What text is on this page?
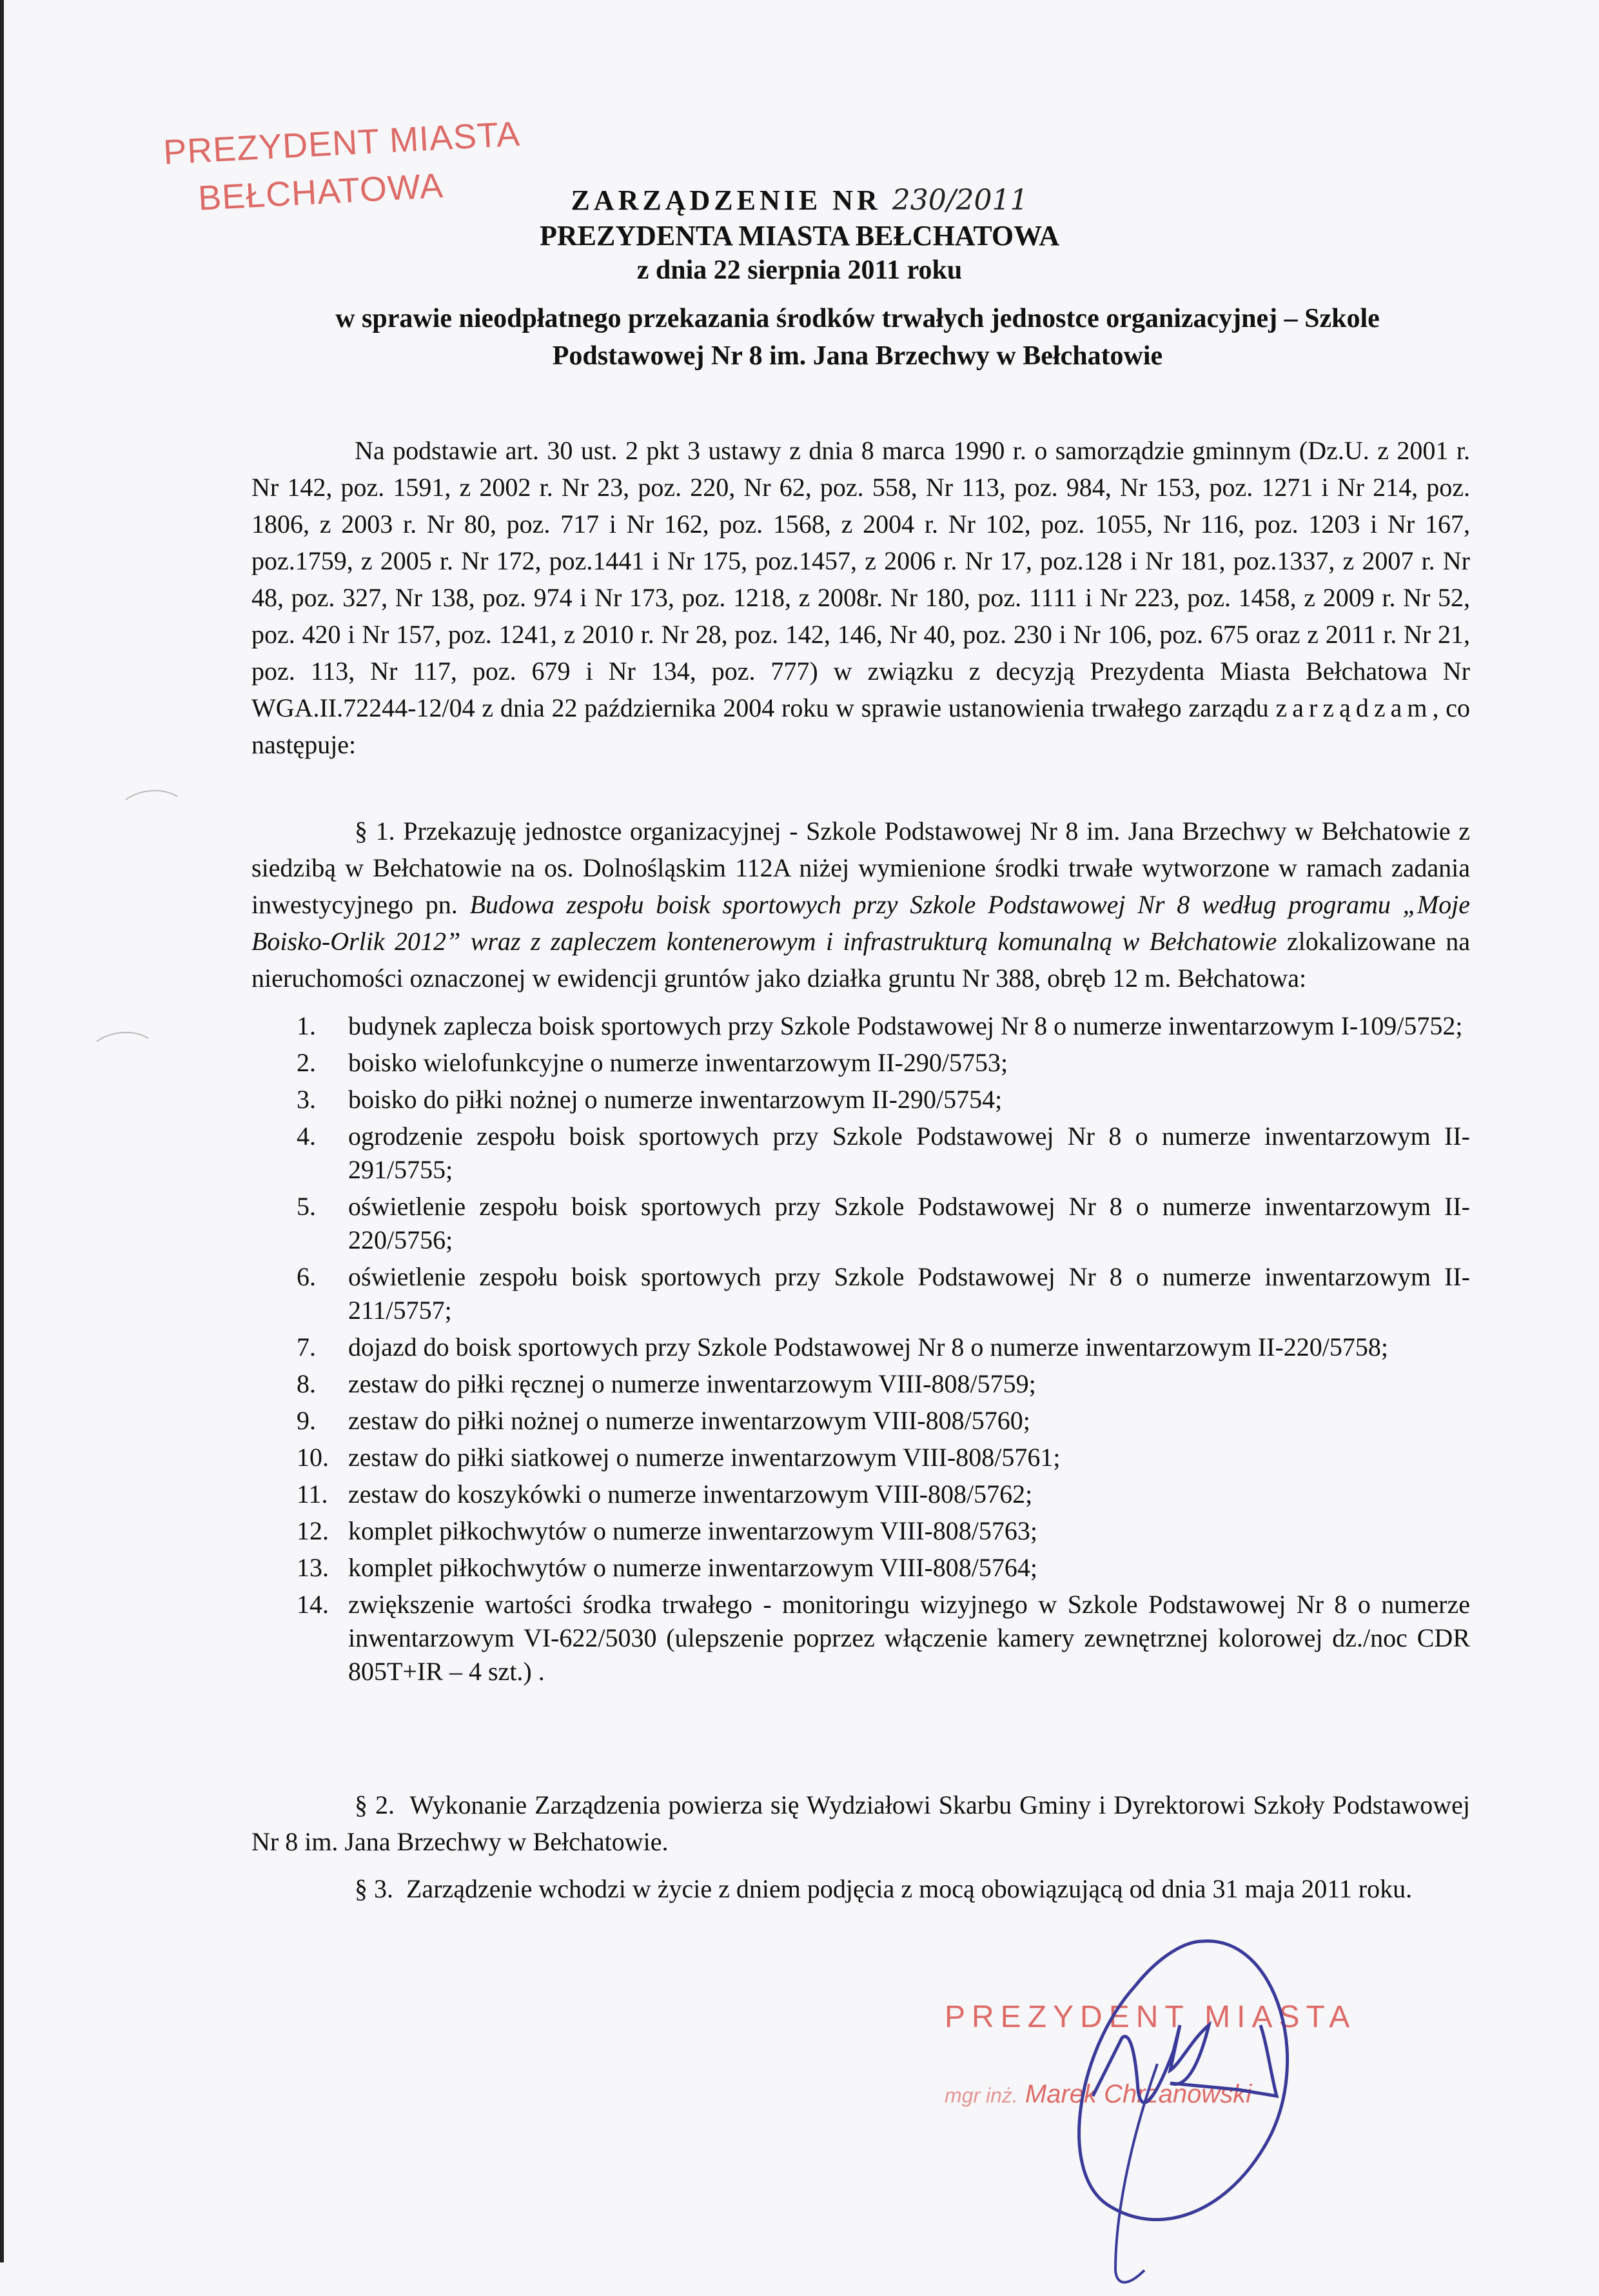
PREZYDENT MIASTA
BEŁCHATOWA	ZARZĄDZENIE NR 230/2011
PREZYDENTA MIASTA BEŁCHATOWA
z dnia 22 sierpnia 2011 roku
w sprawie nieodpłatnego przekazania środków trwałych jednostce organizacyjnej – Szkole Podstawowej Nr 8 im. Jana Brzechwy w Bełchatowie
Na podstawie art. 30 ust. 2 pkt 3 ustawy z dnia 8 marca 1990 r. o samorządzie gminnym (Dz.U. z 2001 r. Nr 142, poz. 1591, z 2002 r. Nr 23, poz. 220, Nr 62, poz. 558, Nr 113, poz. 984, Nr 153, poz. 1271 i Nr 214, poz. 1806, z 2003 r. Nr 80, poz. 717 i Nr 162, poz. 1568, z 2004 r. Nr 102, poz. 1055, Nr 116, poz. 1203 i Nr 167, poz.1759, z 2005 r. Nr 172, poz.1441 i Nr 175, poz.1457, z 2006 r. Nr 17, poz.128 i Nr 181, poz.1337, z 2007 r. Nr 48, poz. 327, Nr 138, poz. 974 i Nr 173, poz. 1218, z 2008r. Nr 180, poz. 1111 i Nr 223, poz. 1458, z 2009 r. Nr 52, poz. 420 i Nr 157, poz. 1241, z 2010 r. Nr 28, poz. 142, 146, Nr 40, poz. 230 i Nr 106, poz. 675 oraz z 2011 r. Nr 21, poz. 113, Nr 117, poz. 679 i Nr 134, poz. 777) w związku z decyzją Prezydenta Miasta Bełchatowa Nr WGA.II.72244-12/04 z dnia 22 października 2004 roku w sprawie ustanowienia trwałego zarządu zarządzam, co następuje:
§ 1. Przekazuję jednostce organizacyjnej - Szkole Podstawowej Nr 8 im. Jana Brzechwy w Bełchatowie z siedzibą w Bełchatowie na os. Dolnośląskim 112A niżej wymienione środki trwałe wytworzone w ramach zadania inwestycyjnego pn. Budowa zespołu boisk sportowych przy Szkole Podstawowej Nr 8 według programu „Moje Boisko-Orlik 2012” wraz z zapleczem kontenerowym i infrastrukturą komunalną w Bełchatowie zlokalizowane na nieruchomości oznaczonej w ewidencji gruntów jako działka gruntu Nr 388, obręb 12 m. Bełchatowa:
1.	budynek zaplecza boisk sportowych przy Szkole Podstawowej Nr 8 o numerze inwentarzowym I-109/5752;
2.	boisko wielofunkcyjne o numerze inwentarzowym II-290/5753;
3.	boisko do piłki nożnej o numerze inwentarzowym II-290/5754;
4.	ogrodzenie zespołu boisk sportowych przy Szkole Podstawowej Nr 8 o numerze inwentarzowym II-291/5755;
5.	oświetlenie zespołu boisk sportowych przy Szkole Podstawowej Nr 8 o numerze inwentarzowym II-220/5756;
6.	oświetlenie zespołu boisk sportowych przy Szkole Podstawowej Nr 8 o numerze inwentarzowym II-211/5757;
7.	dojazd do boisk sportowych przy Szkole Podstawowej Nr 8 o numerze inwentarzowym II-220/5758;
8.	zestaw do piłki ręcznej o numerze inwentarzowym VIII-808/5759;
9.	zestaw do piłki nożnej o numerze inwentarzowym VIII-808/5760;
10. zestaw do piłki siatkowej o numerze inwentarzowym VIII-808/5761;
11. zestaw do koszykówki o numerze inwentarzowym VIII-808/5762;
12. komplet piłkochwytów o numerze inwentarzowym VIII-808/5763;
13. komplet piłkochwytów o numerze inwentarzowym VIII-808/5764;
14. zwiększenie wartości środka trwałego - monitoringu wizyjnego w Szkole Podstawowej Nr 8 o numerze inwentarzowym VI-622/5030 (ulepszenie poprzez włączenie kamery zewnętrznej kolorowej dz./noc CDR 805T+IR – 4 szt.) .
§ 2. Wykonanie Zarządzenia powierza się Wydziałowi Skarbu Gminy i Dyrektorowi Szkoły Podstawowej Nr 8 im. Jana Brzechwy w Bełchatowie.
§ 3. Zarządzenie wchodzi w życie z dniem podjęcia z mocą obowiązującą od dnia 31 maja 2011 roku.
PREZYDENT MIASTA
mgr inż. Marek Chrzanowski
